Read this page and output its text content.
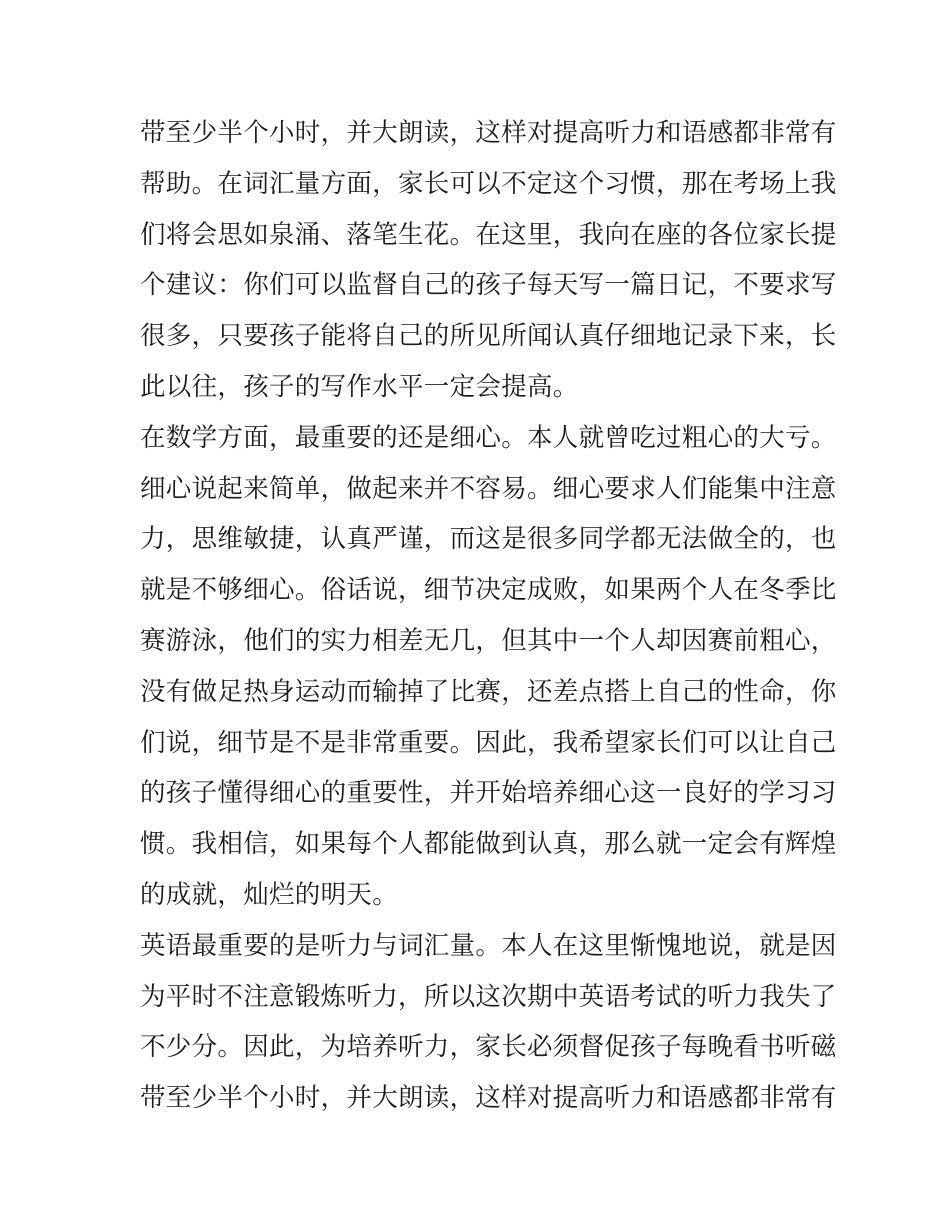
带至少半个小时，并大朗读，这样对提高听力和语感都非常有
帮助。在词汇量方面，家长可以不定这个习惯，那在考场上我
们将会思如泉涌、落笔生花。在这里，我向在座的各位家长提
个建议：你们可以监督自己的孩子每天写一篇日记，不要求写
很多，只要孩子能将自己的所见所闻认真仔细地记录下来，长
此以往，孩子的写作水平一定会提高。
在数学方面，最重要的还是细心。本人就曾吃过粗心的大亏。
细心说起来简单，做起来并不容易。细心要求人们能集中注意
力，思维敏捷，认真严谨，而这是很多同学都无法做全的，也
就是不够细心。俗话说，细节决定成败，如果两个人在冬季比
赛游泳，他们的实力相差无几，但其中一个人却因赛前粗心，
没有做足热身运动而输掉了比赛，还差点搭上自己的性命，你
们说，细节是不是非常重要。因此，我希望家长们可以让自己
的孩子懂得细心的重要性，并开始培养细心这一良好的学习习
惯。我相信，如果每个人都能做到认真，那么就一定会有辉煌
的成就，灿烂的明天。
英语最重要的是听力与词汇量。本人在这里惭愧地说，就是因
为平时不注意锻炼听力，所以这次期中英语考试的听力我失了
不少分。因此，为培养听力，家长必须督促孩子每晚看书听磁
带至少半个小时，并大朗读，这样对提高听力和语感都非常有
